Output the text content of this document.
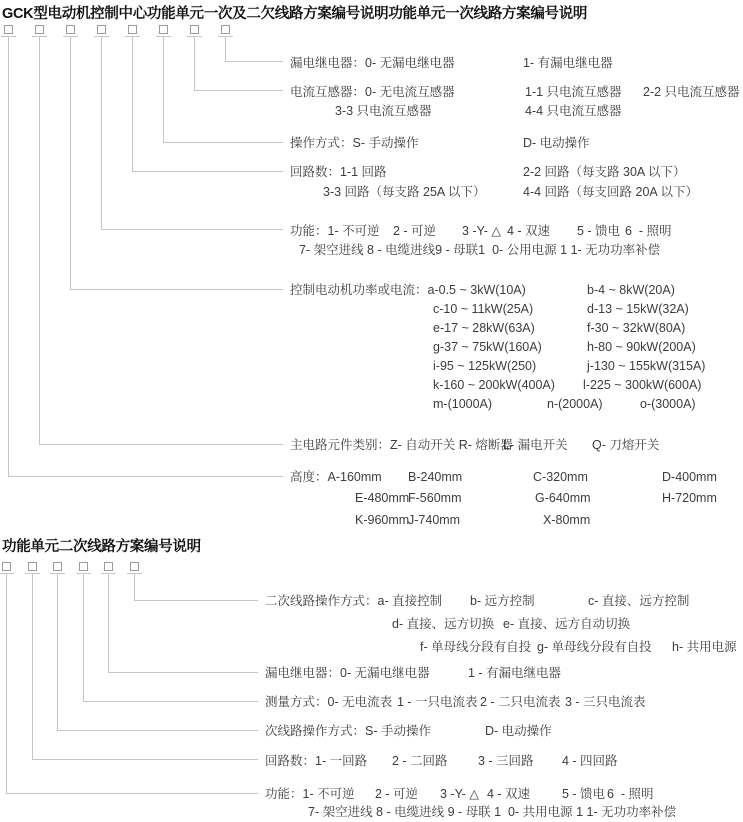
GCK型电动机控制中心功能单元一次及二欠线路方案编号说明功能单元一次线路方案编号说明
功能单元二次线路方案编号说明
漏电继电器：0- 无漏电继电器	1- 有漏电继电器
电流互感器：0- 无电流互感器	1-1 只电流互感器 2-2 只电流互感器
3-3 只电流互感器	4-4 只电流互感器
操作方式：S- 手动操作	D- 电动操作
回路数：1-1 回路	2-2 回路（每支路 30A 以下）
3-3 回路（每支路 25A 以下）	4-4 回路（每支回路 20A 以下）
功能：1- 不可逆 2 - 可逆 3 -Y- △ 4 - 双速 5 - 馈电 6  - 照明
7- 架空进线 8 - 电缆进线9 - 母联1  0- 公用电源 1 1- 无功功率补偿
控制电动机功率或电流：a-0.5 ~ 3kW(10A)	b-4 ~ 8kW(20A)
c-10 ~ 11kW(25A)	d-13 ~ 15kW(32A)
e-17 ~ 28kW(63A)	f-30 ~ 32kW(80A)
g-37 ~ 75kW(160A)	h-80 ~ 90kW(200A)
i-95 ~ 125kW(250)	j-130 ~ 155kW(315A)
k-160 ~ 200kW(400A) l-225 ~ 300kW(600A)
m-(1000A)	n-(2000A)	o-(3000A)
主电路元件类别：Z- 自动开关 R- 熔断器
L- 漏电开关 Q- 刀熔开关
高度：A-160mm B-240mm	C-320mm	D-400mm
E-480mm
F-560mm	G-640mm	H-720mm
K-960mm
J-740mm	X-80mm
二次线路操作方式：a- 直接控制 b- 远方控制	c- 直接、远方控制
d- 直接、远方切换 e- 直接、远方自动切换
f- 单母线分段有自投 g- 单母线分段有自投 h- 共用电源
漏电继电器：0- 无漏电继电器	1 - 有漏电继电器
测量方式：0- 无电流表 1 - 一只电流表 2 - 二只电流表 3 - 三只电流表
次线路操作方式：S- 手动操作	D- 电动操作
回路数：1- 一回路 2 - 二回路 3 - 三回路 4 - 四回路
功能：1- 不可逆 2 - 可逆 3 -Y- △ 4 - 双速	5 - 馈电 6  - 照明
7- 架空进线 8 - 电缆进线 9 - 母联 1  0- 共用电源 1 1- 无功功率补偿
